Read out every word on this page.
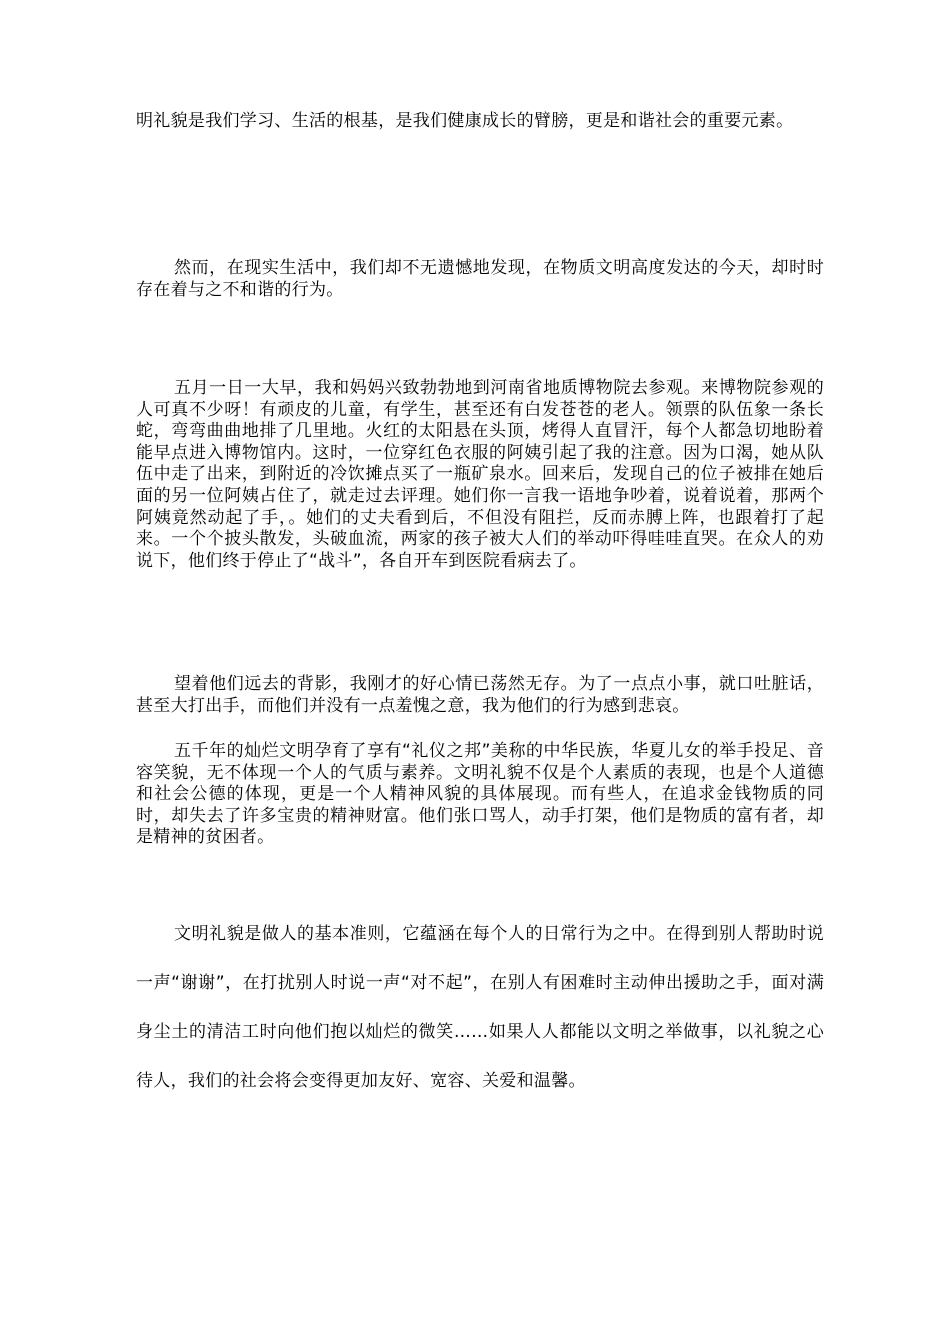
明礼貌是我们学习、生活的根基，是我们健康成长的臂膀，更是和谐社会的重要元素。

然而，在现实生活中，我们却不无遗憾地发现，在物质文明高度发达的今天，却时时存在着与之不和谐的行为。

五月一日一大早，我和妈妈兴致勃勃地到河南省地质博物院去参观。来博物院参观的人可真不少呀！有顽皮的儿童，有学生，甚至还有白发苍苍的老人。领票的队伍象一条长蛇，弯弯曲曲地排了几里地。火红的太阳悬在头顶，烤得人直冒汗，每个人都急切地盼着能早点进入博物馆内。这时，一位穿红色衣服的阿姨引起了我的注意。因为口渴，她从队伍中走了出来，到附近的冷饮摊点买了一瓶矿泉水。回来后，发现自己的位子被排在她后面的另一位阿姨占住了，就走过去评理。她们你一言我一语地争吵着，说着说着，那两个阿姨竟然动起了手，。她们的丈夫看到后，不但没有阻拦，反而赤膊上阵，也跟着打了起来。一个个披头散发，头破血流，两家的孩子被大人们的举动吓得哇哇直哭。在众人的劝说下，他们终于停止了“战斗”，各自开车到医院看病去了。

望着他们远去的背影，我刚才的好心情已荡然无存。为了一点点小事，就口吐脏话，甚至大打出手，而他们并没有一点羞愧之意，我为他们的行为感到悲哀。

五千年的灿烂文明孕育了享有“礼仪之邦”美称的中华民族，华夏儿女的举手投足、音容笑貌，无不体现一个人的气质与素养。文明礼貌不仅是个人素质的表现，也是个人道德和社会公德的体现，更是一个人精神风貌的具体展现。而有些人，在追求金钱物质的同时，却失去了许多宝贵的精神财富。他们张口骂人，动手打架，他们是物质的富有者，却是精神的贫困者。

文明礼貌是做人的基本准则，它蕴涵在每个人的日常行为之中。在得到别人帮助时说一声“谢谢”，在打扰别人时说一声“对不起”，在别人有困难时主动伸出援助之手，面对满身尘土的清洁工时向他们抱以灿烂的微笑……如果人人都能以文明之举做事，以礼貌之心待人，我们的社会将会变得更加友好、宽容、关爱和温馨。
